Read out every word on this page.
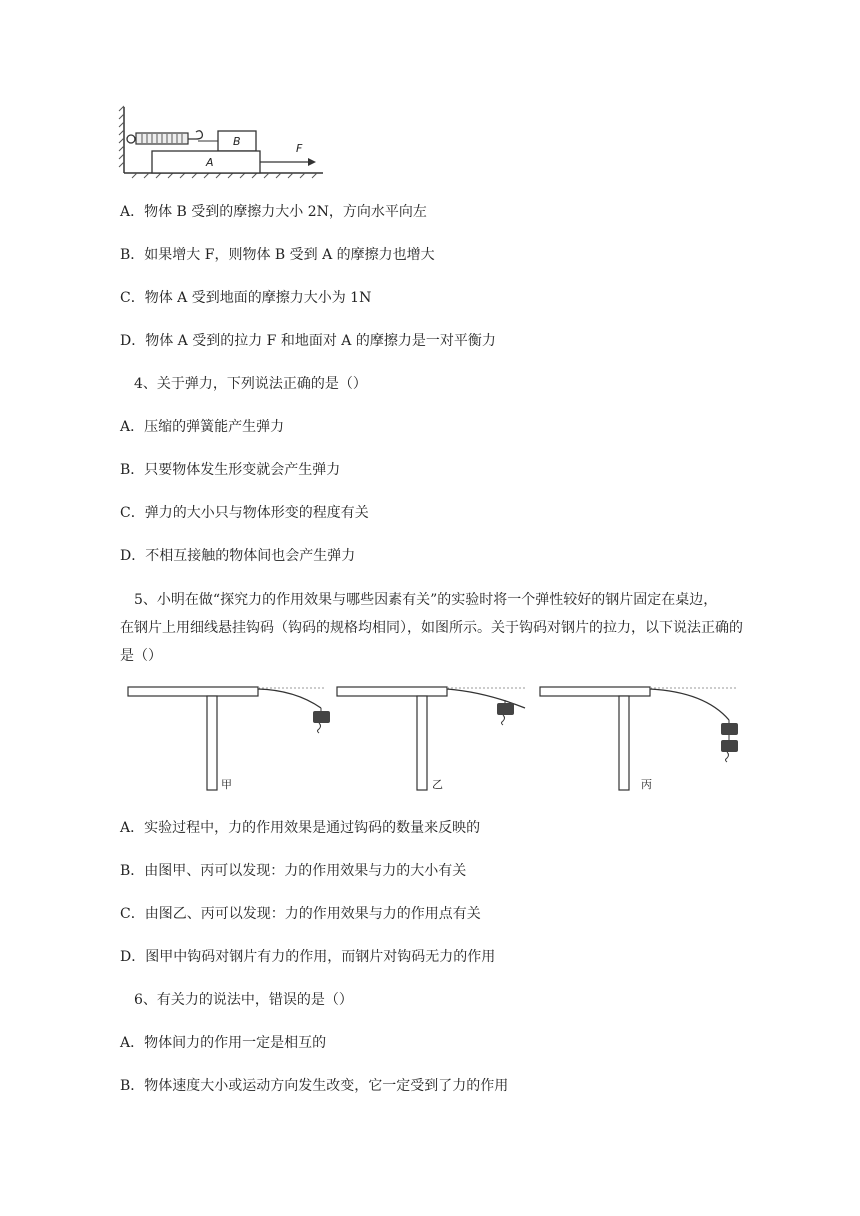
B
A
F
A．物体 B 受到的摩擦力大小 2N，方向水平向左
B．如果增大 F，则物体 B 受到 A 的摩擦力也增大
C．物体 A 受到地面的摩擦力大小为 1N
D．物体 A 受到的拉力 F 和地面对 A 的摩擦力是一对平衡力
4、关于弹力，下列说法正确的是（）
A．压缩的弹簧能产生弹力
B．只要物体发生形变就会产生弹力
C．弹力的大小只与物体形变的程度有关
D．不相互接触的物体间也会产生弹力
5、小明在做“探究力的作用效果与哪些因素有关”的实验时将一个弹性较好的钢片固定在桌边，
在钢片上用细线悬挂钩码（钩码的规格均相同），如图所示。关于钩码对钢片的拉力，以下说法正确的
是（）
甲	乙	丙
A．实验过程中，力的作用效果是通过钩码的数量来反映的
B．由图甲、丙可以发现：力的作用效果与力的大小有关
C．由图乙、丙可以发现：力的作用效果与力的作用点有关
D．图甲中钩码对钢片有力的作用，而钢片对钩码无力的作用
6、有关力的说法中，错误的是（）
A．物体间力的作用一定是相互的
B．物体速度大小或运动方向发生改变，它一定受到了力的作用
